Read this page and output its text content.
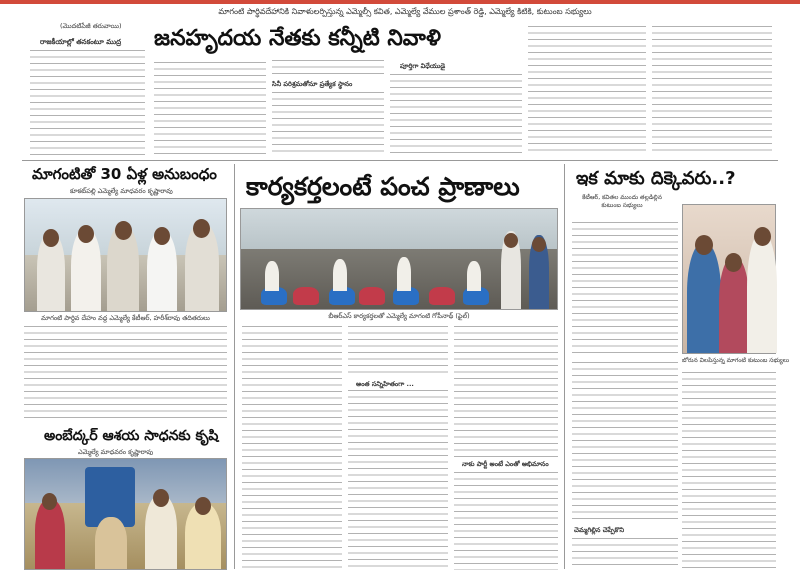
మాగంటి పార్థివదేహానికి నివాళులర్పిస్తున్న ఎమ్మెల్సీ కవిత, ఎమ్మెల్యే వేముల ప్రశాంత్ రెడ్డి, ఎమ్మెల్యే కిటికి, కుటుంబ సభ్యులు
(మొదటిపేజీ తరువాయి)
రాజకీయాల్లో తనకంటూ ముద్ర జనహృదయ నేతకు కన్నీటి నివాళి
సినీ పరిశ్రమతోనూ ప్రత్యేక స్థానం
పూర్తిగా విధేయుడై
మాగంటితో 30 ఏళ్ల అనుబంధం
కూకట్‌పల్లి ఎమ్మెల్యే మాధవరం కృష్ణారావు
మాగంటి పార్థివ దేహం వద్ద ఎమ్మెల్యే కేటీఆర్, హరీశ్‌రావు తదితరులు
అంబేద్కర్ ఆశయ సాధనకు కృషి
ఎమ్మెల్యే మాధవరం కృష్ణారావు
కార్యకర్తలంటే పంచ ప్రాణాలు
బీఆర్ఎస్ కార్యకర్తలతో ఎమ్మెల్యే మాగంటి గోపీనాథ్ (ఫైల్)
అంత సన్నిహితంగా ...
నాకు పార్టీ అంటే ఎంతో అభిమానం
ఇక మాకు దిక్కెవరు..?
కేటీఆర్, కవితల ముందు తల్లడిల్లిన కుటుంబ సభ్యులు
బోరున విలపిస్తున్న మాగంటి కుటుంబ సభ్యులు
చెమ్మగిల్లిన చెప్పేకొని
